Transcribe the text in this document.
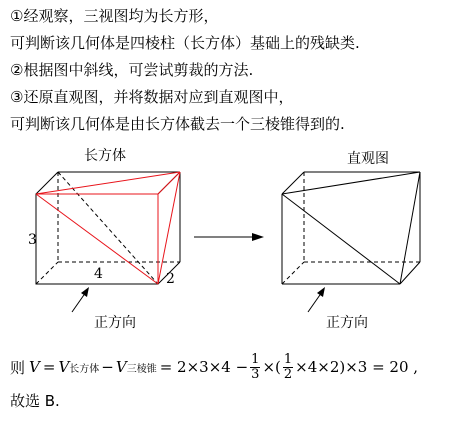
①经观察，三视图均为长方形，
可判断该几何体是四棱柱（长方体）基础上的残缺类.
②根据图中斜线，可尝试剪裁的方法.
③还原直观图，并将数据对应到直观图中，
可判断该几何体是由长方体截去一个三棱锥得到的.
长方体	直观图
3
4	2
正方向	正方向
则 V = V 长方体 − V 三棱锥 = $2\times 3\times 4 - \frac{1}{3}$ ×( $\frac{1}{2} \times 4\times 2)\times 3 = 20$ ,
故选 B.
